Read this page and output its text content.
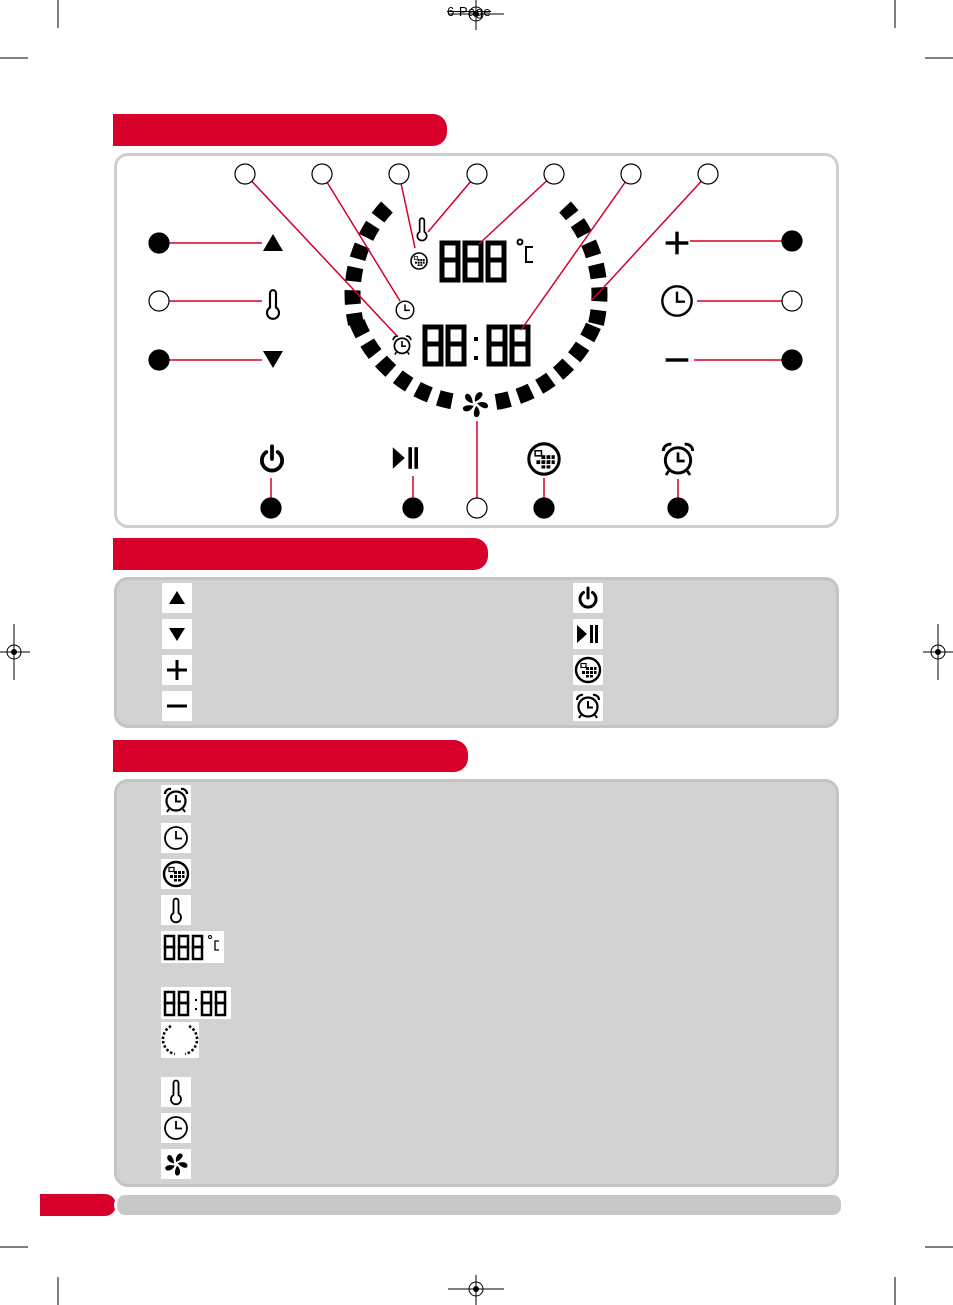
6 Page
